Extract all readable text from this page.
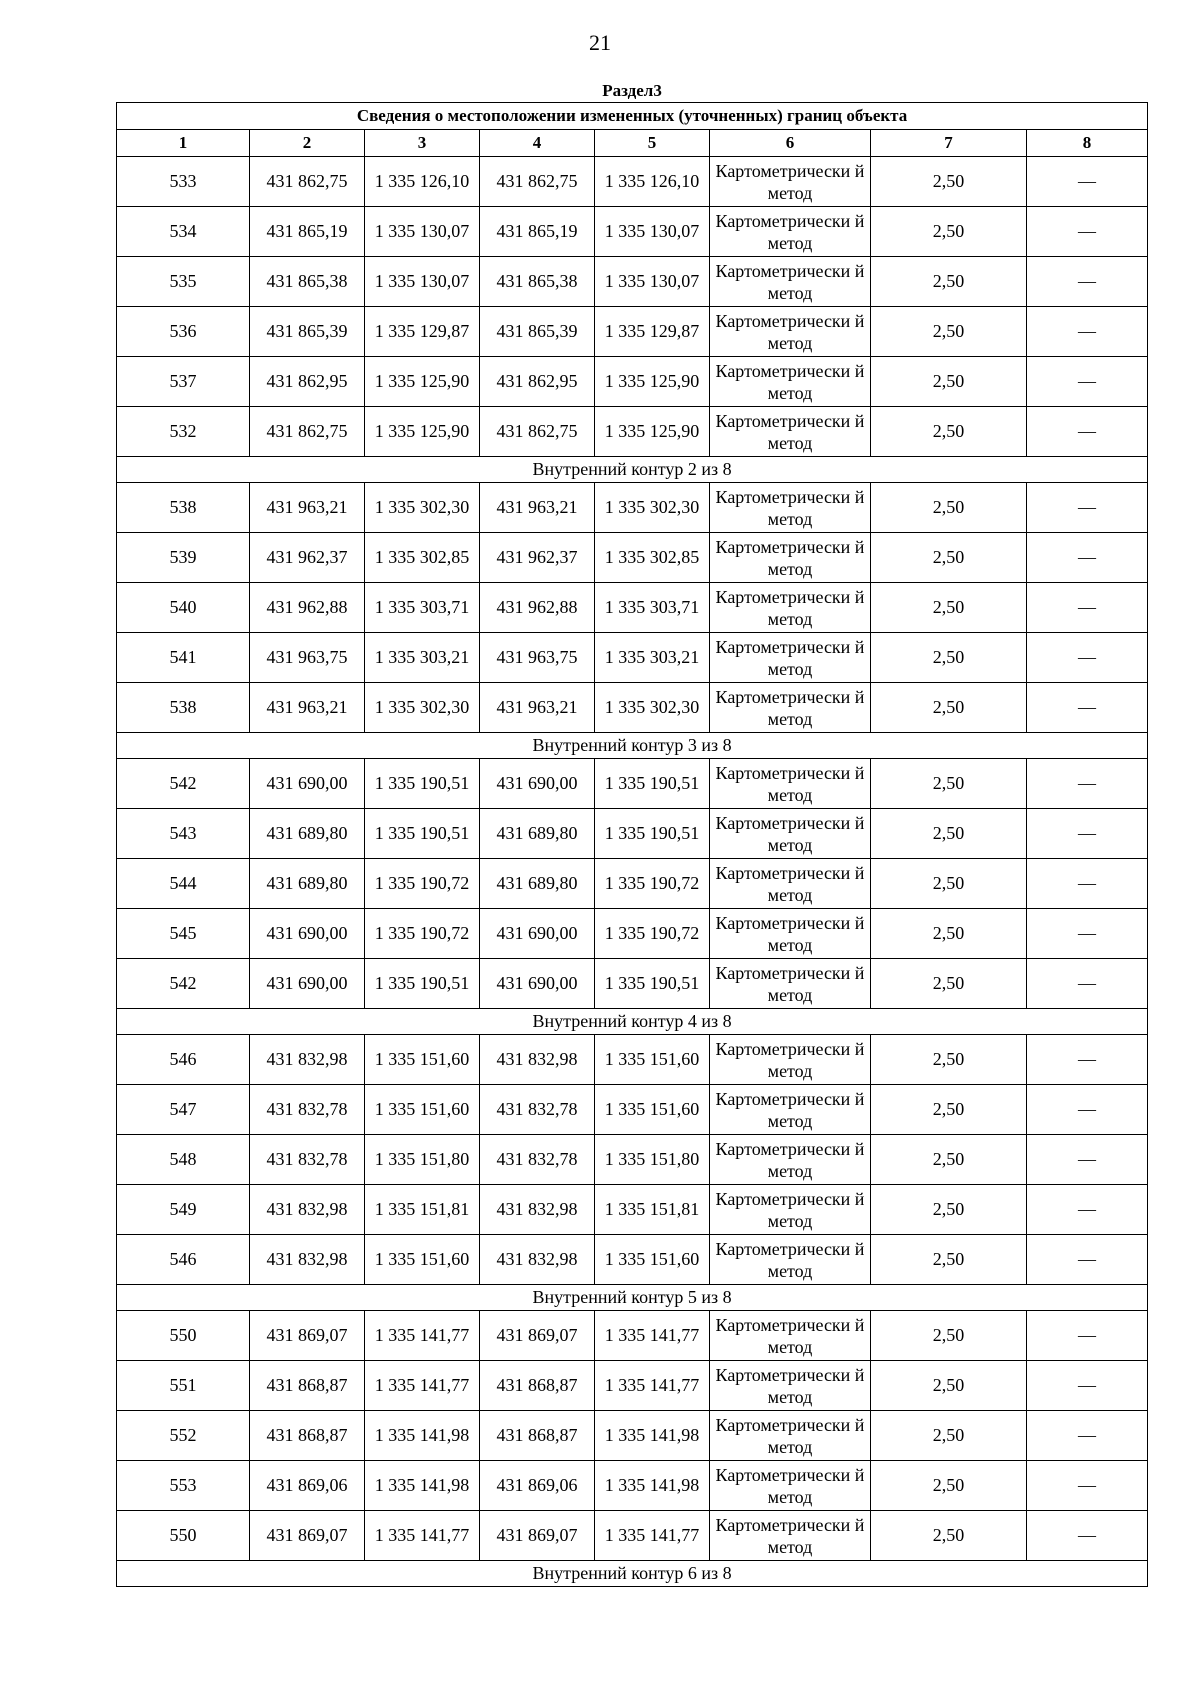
21
Раздел3							
Сведения о местоположении измененных (уточненных) границ объекта							
1	2	3	4	5	6	7	8
533	431 862,75	1 335 126,10	431 862,75	1 335 126,10	Картометрически й метод	2,50	—
534	431 865,19	1 335 130,07	431 865,19	1 335 130,07	Картометрически й метод	2,50	—
535	431 865,38	1 335 130,07	431 865,38	1 335 130,07	Картометрически й метод	2,50	—
536	431 865,39	1 335 129,87	431 865,39	1 335 129,87	Картометрически й метод	2,50	—
537	431 862,95	1 335 125,90	431 862,95	1 335 125,90	Картометрически й метод	2,50	—
532	431 862,75	1 335 125,90	431 862,75	1 335 125,90	Картометрически й метод	2,50	—
Внутренний контур 2 из 8							
538	431 963,21	1 335 302,30	431 963,21	1 335 302,30	Картометрически й метод	2,50	—
539	431 962,37	1 335 302,85	431 962,37	1 335 302,85	Картометрически й метод	2,50	—
540	431 962,88	1 335 303,71	431 962,88	1 335 303,71	Картометрически й метод	2,50	—
541	431 963,75	1 335 303,21	431 963,75	1 335 303,21	Картометрически й метод	2,50	—
538	431 963,21	1 335 302,30	431 963,21	1 335 302,30	Картометрически й метод	2,50	—
Внутренний контур 3 из 8							
542	431 690,00	1 335 190,51	431 690,00	1 335 190,51	Картометрически й метод	2,50	—
543	431 689,80	1 335 190,51	431 689,80	1 335 190,51	Картометрически й метод	2,50	—
544	431 689,80	1 335 190,72	431 689,80	1 335 190,72	Картометрически й метод	2,50	—
545	431 690,00	1 335 190,72	431 690,00	1 335 190,72	Картометрически й метод	2,50	—
542	431 690,00	1 335 190,51	431 690,00	1 335 190,51	Картометрически й метод	2,50	—
Внутренний контур 4 из 8							
546	431 832,98	1 335 151,60	431 832,98	1 335 151,60	Картометрически й метод	2,50	—
547	431 832,78	1 335 151,60	431 832,78	1 335 151,60	Картометрически й метод	2,50	—
548	431 832,78	1 335 151,80	431 832,78	1 335 151,80	Картометрически й метод	2,50	—
549	431 832,98	1 335 151,81	431 832,98	1 335 151,81	Картометрически й метод	2,50	—
546	431 832,98	1 335 151,60	431 832,98	1 335 151,60	Картометрически й метод	2,50	—
Внутренний контур 5 из 8							
550	431 869,07	1 335 141,77	431 869,07	1 335 141,77	Картометрически й метод	2,50	—
551	431 868,87	1 335 141,77	431 868,87	1 335 141,77	Картометрически й метод	2,50	—
552	431 868,87	1 335 141,98	431 868,87	1 335 141,98	Картометрически й метод	2,50	—
553	431 869,06	1 335 141,98	431 869,06	1 335 141,98	Картометрически й метод	2,50	—
550	431 869,07	1 335 141,77	431 869,07	1 335 141,77	Картометрически й метод	2,50	—
Внутренний контур 6 из 8							
